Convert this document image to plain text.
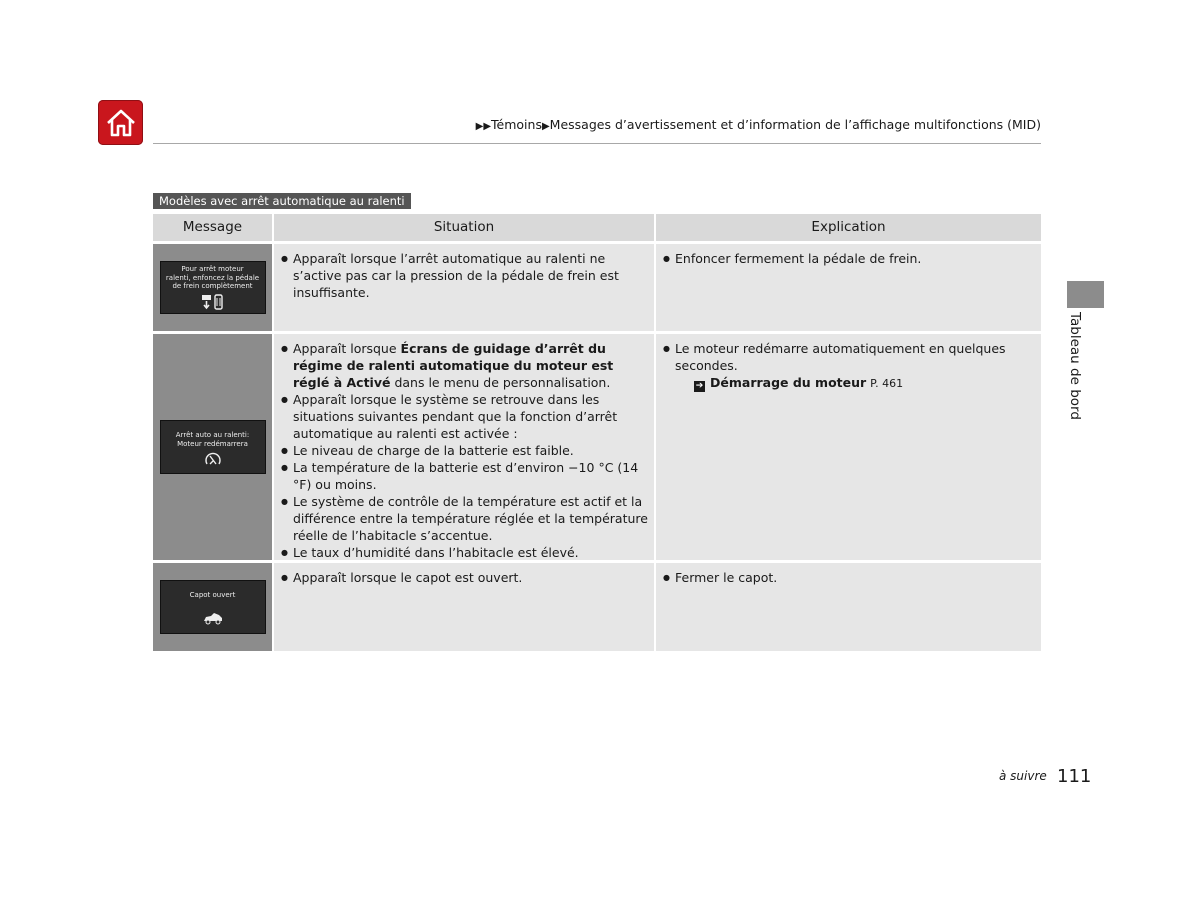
▶▶Témoins▶Messages d’avertissement et d’information de l’affichage multifonctions (MID)
Modèles avec arrêt automatique au ralenti
Message	Situation	Explication
Pour arrêt moteur
ralenti, enfoncez la pédale
de frein complètement
● Apparaît lorsque l’arrêt automatique au ralenti ne s’active pas car la pression de la pédale de frein est insuffisante.
● Enfoncer fermement la pédale de frein.
Arrêt auto au ralenti:
Moteur redémarrera
● Apparaît lorsque Écrans de guidage d’arrêt du régime de ralenti automatique du moteur est réglé à Activé dans le menu de personnalisation.
● Apparaît lorsque le système se retrouve dans les situations suivantes pendant que la fonction d’arrêt automatique au ralenti est activée :
● Le niveau de charge de la batterie est faible.
● La température de la batterie est d’environ −10 °C (14 °F) ou moins.
● Le système de contrôle de la température est actif et la différence entre la température réglée et la température réelle de l’habitacle s’accentue.
● Le taux d’humidité dans l’habitacle est élevé.
● Le moteur redémarre automatiquement en quelques secondes.
➔ Démarrage du moteur P. 461
Capot ouvert
● Apparaît lorsque le capot est ouvert.
●	Fermer le capot.
Tableau de bord
à suivre 111
